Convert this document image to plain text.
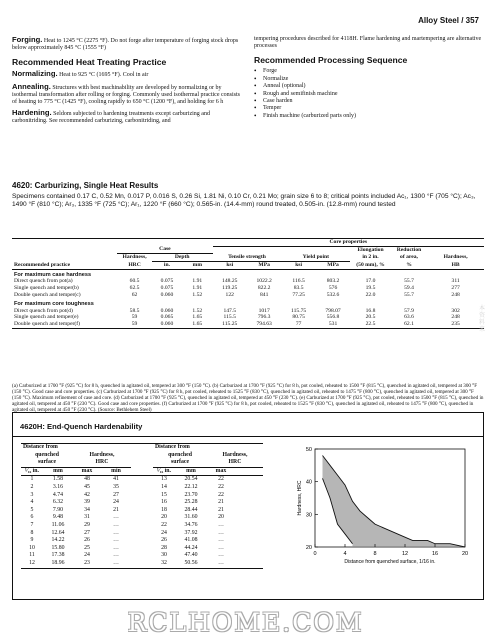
Alloy Steel / 357

Forging. Heat to 1245 °C (2275 °F). Do not forge after temperature of forging stock drops below approximately 845 °C (1555 °F)

Recommended Heat Treating Practice

Normalizing. Heat to 925 °C (1695 °F). Cool in air

Annealing. Structures with best machinability are developed by normalizing or by isothermal transformation after rolling or forging. Commonly used isothermal practice consists of heating to 775 °C (1425 °F), cooling rapidly to 650 °C (1200 °F), and holding for 6 h

Hardening. Seldom subjected to hardening treatments except carburizing and carbonitriding. See recommended carburizing, carbonitriding, and

tempering procedures described for 4118H. Flame hardening and martempering are alternative processes

Recommended Processing Sequence
• Forge
• Normalize
• Anneal (optional)
• Rough and semifinish machine
• Case harden
• Temper
• Finish machine (carburized parts only)
4620: Carburizing, Single Heat Results
Specimens contained 0.17 C, 0.52 Mn, 0.017 P, 0.016 S, 0.26 Si, 1.81 Ni, 0.10 Cr, 0.21 Mo; grain size 6 to 8; critical points included Ac₁, 1300 °F (705 °C); Ac₃, 1490 °F (810 °C); Ar₃, 1335 °F (725 °C); Ar₁, 1220 °F (660 °C); 0.565-in. (14.4-mm) round treated, 0.505-in. (12.8-mm) round tested
				Core properties						
	Case							Elongation	Reduction	
	Hardness,	Depth		Tensile strength		Yield point		in 2 in.	of area,	Hardness,
Recommended practice	HRC	in.	mm	ksi	MPa	ksi	MPa	(50 mm), %	%	HB
For maximum case hardness										
Direct quench from pot(a)	60.5	0.075	1.91	148.25	1022.2	116.5	803.2	17.0	55.7	311
Single quench and temper(b)	62.5	0.075	1.91	119.25	822.2	83.5	576	19.5	59.4	277
Double quench and temper(c)	62	0.060	1.52	122	841	77.25	532.6	22.0	55.7	248
For maximum core toughness										
Direct quench from pot(d)	58.5	0.060	1.52	147.5	1017	115.75	798.07	16.8	57.9	302
Single quench and temper(e)	59	0.065	1.65	115.5	796.3	80.75	556.8	20.5	63.6	248
Double quench and temper(f)	59	0.060	1.65	115.25	794.63	77	531	22.5	62.1	235
(a) Carburized at 1700 °F (925 °C) for 8 h, quenched in agitated oil, tempered at 300 °F (150 °C). (b) Carburized at 1700 °F (925 °C) for 8 h, pot cooled, reheated to 1500 °F (815 °C), quenched in agitated oil, tempered at 300 °F (150 °C). Good case and core properties. (c) Carburized at 1700 °F (925 °C) for 8 h, pot cooled, reheated to 1525 °F (830 °C), quenched in agitated oil, reheated to 1475 °F (800 °C), quenched in agitated oil, tempered at 300 °F (150 °C). Maximum refinement of case and core. (d) Carburized at 1700 °F (925 °C), quenched in agitated oil, tempered at 450 °F (230 °C). (e) Carburized at 1700 °F (925 °C), pot cooled, reheated to 1500 °F (815 °C), quenched in agitated oil, tempered at 450 °F (230 °C). Good case and core properties. (f) Carburized at 1700 °F (925 °C) for 8 h, pot cooled, reheated to 1525 °F (830 °C), quenched in agitated oil, reheated to 1475 °F (800 °C), quenched in agitated oil, tempered at 450 °F (230 °C). (Source: Bethlehem Steel)
4620H: End-Quench Hardenability
Distance from					Distance from			
quenched		Hardness,			quenched		Hardness,	
surface		HRC			surface		HRC	
¹⁄₁₆ in.	mm	max	min		¹⁄₁₆ in.	mm	max	
1	1.58	48	41		13	20.54	22	
2	3.16	45	35		14	22.12	22	
3	4.74	42	27		15	23.70	22	
4	6.32	39	24		16	25.28	21	
5	7.90	34	21		18	28.44	21	
6	9.48	31	…		20	31.60	20	
7	11.06	29	…		22	34.76	…	
8	12.64	27	…		24	37.92	…	
9	14.22	26	…		26	41.08	…	
10	15.80	25	…		28	44.24	…	
11	17.38	24	…		30	47.40	…	
12	18.96	23	…		32	50.56	…	
0	4	8	12	16	20
20
30
40
50
Distance from quenched surface, 1/16 in.
Hardness, HRC
本资料来
RCLHOME.COM
